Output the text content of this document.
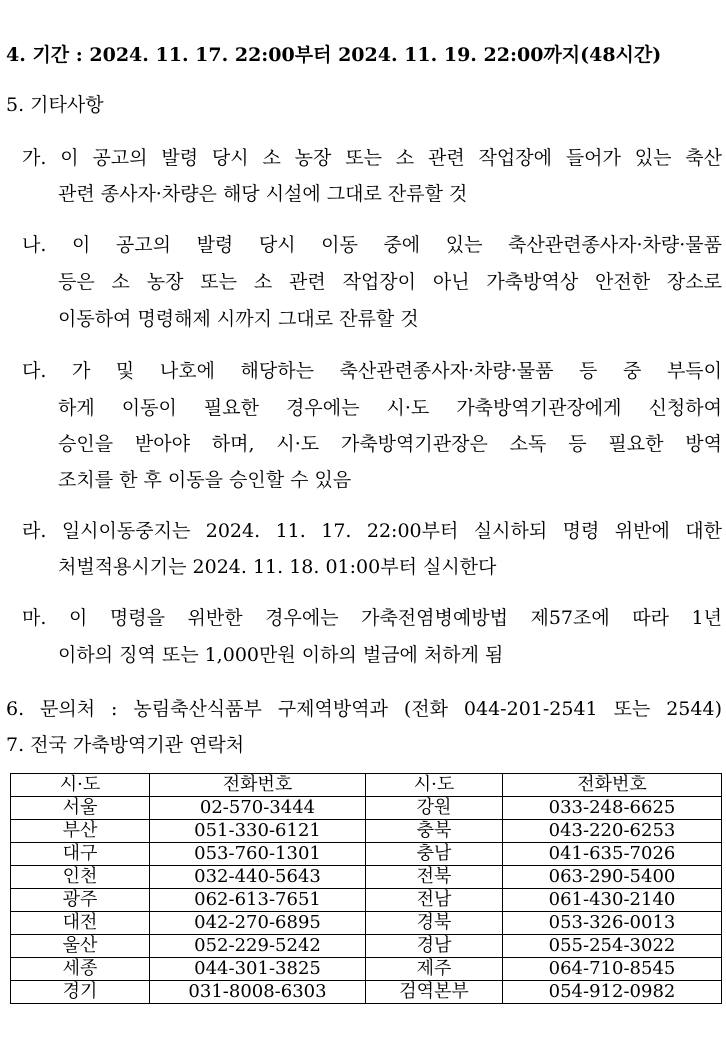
4. 기간 : 2024. 11. 17. 22:00부터 2024. 11. 19. 22:00까지(48시간)
5. 기타사항
가. 이 공고의 발령 당시 소 농장 또는 소 관련 작업장에 들어가 있는 축산
관련 종사자·차량은 해당 시설에 그대로 잔류할 것
나. 이 공고의 발령 당시 이동 중에 있는 축산관련종사자·차량·물품
등은 소 농장 또는 소 관련 작업장이 아닌 가축방역상 안전한 장소로
이동하여 명령해제 시까지 그대로 잔류할 것
다. 가 및 나호에 해당하는 축산관련종사자·차량·물품 등 중 부득이
하게 이동이 필요한 경우에는 시·도 가축방역기관장에게 신청하여
승인을 받아야 하며, 시·도 가축방역기관장은 소독 등 필요한 방역
조치를 한 후 이동을 승인할 수 있음
라. 일시이동중지는 2024. 11. 17. 22:00부터 실시하되 명령 위반에 대한
처벌적용시기는 2024. 11. 18. 01:00부터 실시한다
마. 이 명령을 위반한 경우에는 가축전염병예방법 제57조에 따라 1년
이하의 징역 또는 1,000만원 이하의 벌금에 처하게 됨
6. 문의처 : 농림축산식품부 구제역방역과 (전화 044-201-2541 또는 2544)
7. 전국 가축방역기관 연락처
시·도	전화번호	시·도	전화번호
서울	02-570-3444	강원	033-248-6625
부산	051-330-6121	충북	043-220-6253
대구	053-760-1301	충남	041-635-7026
인천	032-440-5643	전북	063-290-5400
광주	062-613-7651	전남	061-430-2140
대전	042-270-6895	경북	053-326-0013
울산	052-229-5242	경남	055-254-3022
세종	044-301-3825	제주	064-710-8545
경기	031-8008-6303	검역본부	054-912-0982
